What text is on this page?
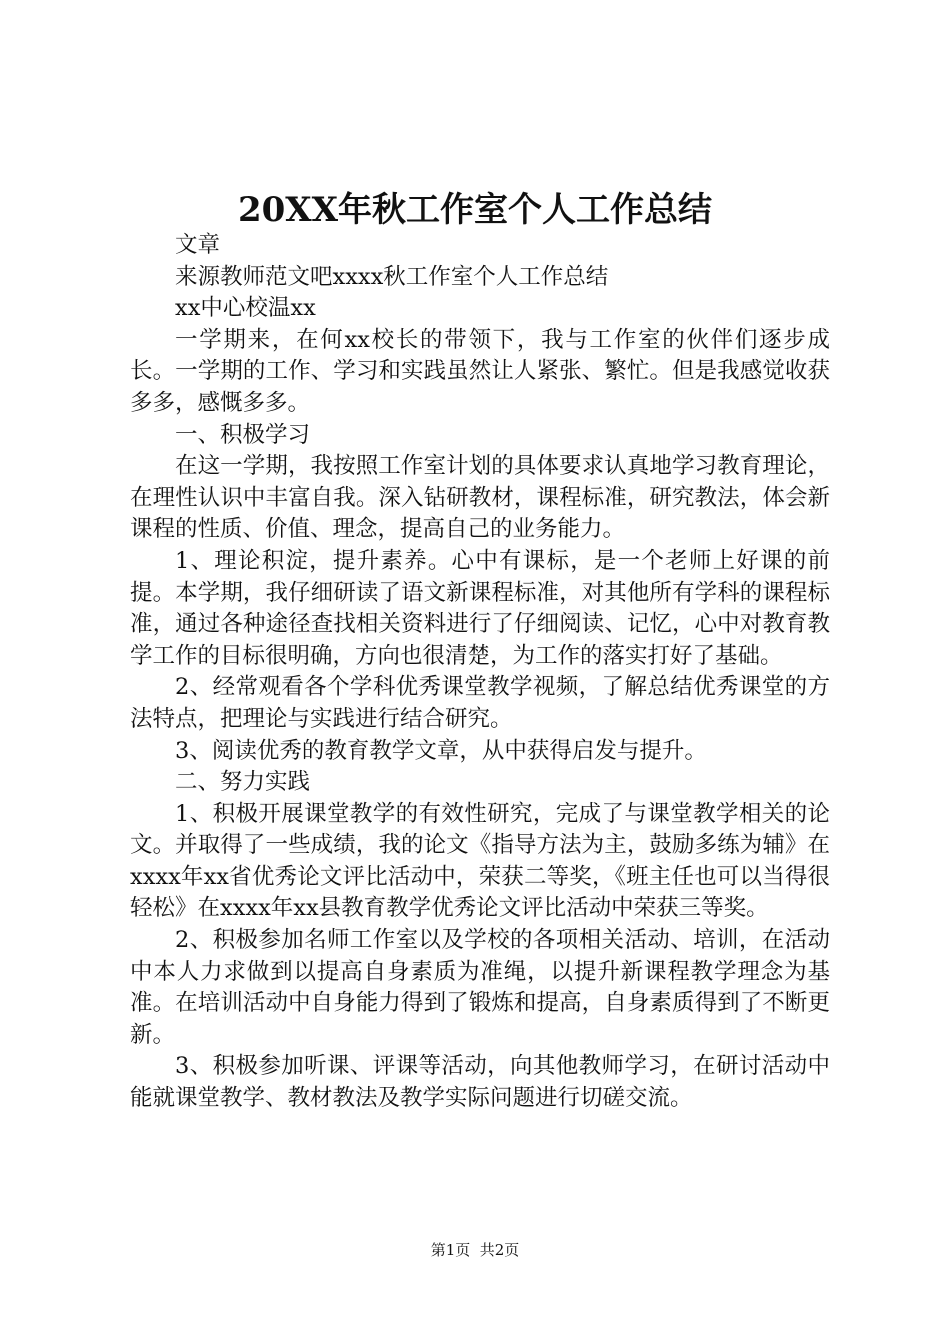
20XX年秋工作室个人工作总结

文章

来源教师范文吧xxxx秋工作室个人工作总结

xx中心校温xx

一学期来，在何xx校长的带领下，我与工作室的伙伴们逐步成长。一学期的工作、学习和实践虽然让人紧张、繁忙。但是我感觉收获多多，感慨多多。

一、积极学习

在这一学期，我按照工作室计划的具体要求认真地学习教育理论，在理性认识中丰富自我。深入钻研教材，课程标准，研究教法，体会新课程的性质、价值、理念，提高自己的业务能力。

1、理论积淀，提升素养。心中有课标，是一个老师上好课的前提。本学期，我仔细研读了语文新课程标准，对其他所有学科的课程标准，通过各种途径查找相关资料进行了仔细阅读、记忆，心中对教育教学工作的目标很明确，方向也很清楚，为工作的落实打好了基础。

2、经常观看各个学科优秀课堂教学视频，了解总结优秀课堂的方法特点，把理论与实践进行结合研究。

3、阅读优秀的教育教学文章，从中获得启发与提升。

二、努力实践

1、积极开展课堂教学的有效性研究，完成了与课堂教学相关的论文。并取得了一些成绩，我的论文《指导方法为主，鼓励多练为辅》在xxxx年xx省优秀论文评比活动中，荣获二等奖，《班主任也可以当得很轻松》在xxxx年xx县教育教学优秀论文评比活动中荣获三等奖。

2、积极参加名师工作室以及学校的各项相关活动、培训，在活动中本人力求做到以提高自身素质为准绳，以提升新课程教学理念为基准。在培训活动中自身能力得到了锻炼和提高，自身素质得到了不断更新。

3、积极参加听课、评课等活动，向其他教师学习，在研讨活动中能就课堂教学、教材教法及教学实际问题进行切磋交流。

第1页  共2页
